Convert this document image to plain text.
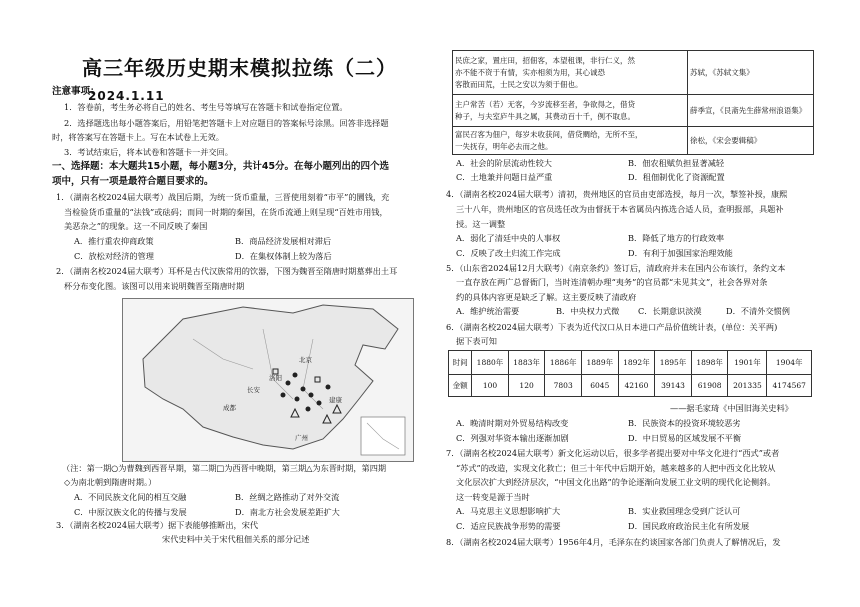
高三年级历史期末模拟拉练（二）2024.1.11
注意事项：
1．答卷前，考生务必将自己的姓名、考生号等填写在答题卡和试卷指定位置。
2．选择题选出每小题答案后，用铅笔把答题卡上对应题目的答案标号涂黑。回答非选择题
时，将答案写在答题卡上。写在本试卷上无效。
3．考试结束后，将本试卷和答题卡一并交回。
一、选择题：本大题共15小题，每小题3分，共计45分。在每小题列出的四个选
项中，只有一项是最符合题目要求的。
1．（湖南名校2024届大联考）战国后期，为统一货币重量，三晋使用刻着“市平”的圜钱，充
当检验货币重量的“法钱”或砝码；而同一时期的秦国，在货币流通上则呈现“百姓市用钱，
美恶杂之”的现象。这一不同反映了秦国
A．推行重农抑商政策	B．商品经济发展相对滞后
C．放松对经济的管理	D．在集权体制上较为落后
2．（湖南名校2024届大联考）耳杯是古代汉族常用的饮器，下图为魏晋至隋唐时期墓葬出土耳
杯分布变化图。该图可以用来说明魏晋至隋唐时期
北京
长安
洛阳
建康
成都
广州
（注：第一期○为曹魏到西晋早期，第二期□为西晋中晚期，第三期△为东晋时期，第四期
◇为南北朝到隋唐时期。）
A．不同民族文化间的相互交融	B．丝绸之路推动了对外交流
C．中原汉族文化的传播与发展	D．南北方社会发展差距扩大
3．（湖南名校2024届大联考）据下表能够推断出，宋代
宋代史料中关于宋代租佃关系的部分记述
民庶之家，置庄田，招佃客，本望租课，非行仁义，然
亦不能不资于有情，实亦相须为用，其心诚恐
客散而田荒，士民之安以为须于佃也。	苏轼，《苏轼文集》

主户常苦（若）无客，今岁流移至者，争欲得之，借贷
种子，与夫室庐牛具之属，其费动百十千，例不取息。	薛季宣，《艮斋先生薛常州浪语集》

富民召客为佃户，每岁未收获间，借贷赒给，无所不至，
一失抚存，明年必去而之他。	徐松，《宋会要辑稿》
A．社会的阶层流动性较大	B．佃农租赋负担显著减轻
C．土地兼并问题日益严重	D．租佃制优化了资源配置
4．（湖南名校2024届大联考）清初，贵州地区的官员由吏部选授，每月一次，掣签补授，康熙
三十八年，贵州地区的官员选任改为由督抚于本省属员内拣选合适人员，查明报部，具题补
授。这一调整
A．弱化了清廷中央的人事权	B．降低了地方的行政效率
C．反映了改土归流工作完成	D．有利于加强国家治理效能
5．（山东省2024届12月大联考）《南京条约》签订后，清政府并未在国内公布该行，条约文本
一直存放在两广总督衙门，当时连清朝办理“夷务”的官员都“未见其文”，社会各界对条
约的具体内容更是缺乏了解。这主要反映了清政府
A．维护统治需要	B．中央权力式微 C．长期意识淡漠	D．不清外交惯例
6．（湖南名校2024届大联考）下表为近代汉口从日本进口产品价值统计表，(单位：关平两)
据下表可知
时间	1880年	1883年	1886年	1889年	1892年	1895年	1898年	1901年	1904年
金额	100	120	7803	6045	42160	39143	61908	201335	4174567
——据毛家琦《中国旧海关史料》
A．晚清时期对外贸易结构改变	B．民族资本的投资环境较恶劣
C．列强对华资本输出逐渐加剧	D．中日贸易的区域发展不平衡
7．（湖南名校2024届大联考）新文化运动以后，很多学者提出要对中华文化进行“西式”或者
“苏式”的改造，实现文化救亡；但三十年代中后期开始，越来越多的人把中西文化比较从
文化层次扩大到经济层次，“中国文化出路”的争论逐渐向发展工业文明的现代化论侧斜。
这一转变是源于当时
A．马克思主义思想影响扩大	B．实业救国理念受到广泛认可
C．适应民族战争形势的需要	D．国民政府政治民主化有所发展
8．（湖南名校2024届大联考）1956年4月，毛泽东在约谈国家各部门负责人了解情况后，发
